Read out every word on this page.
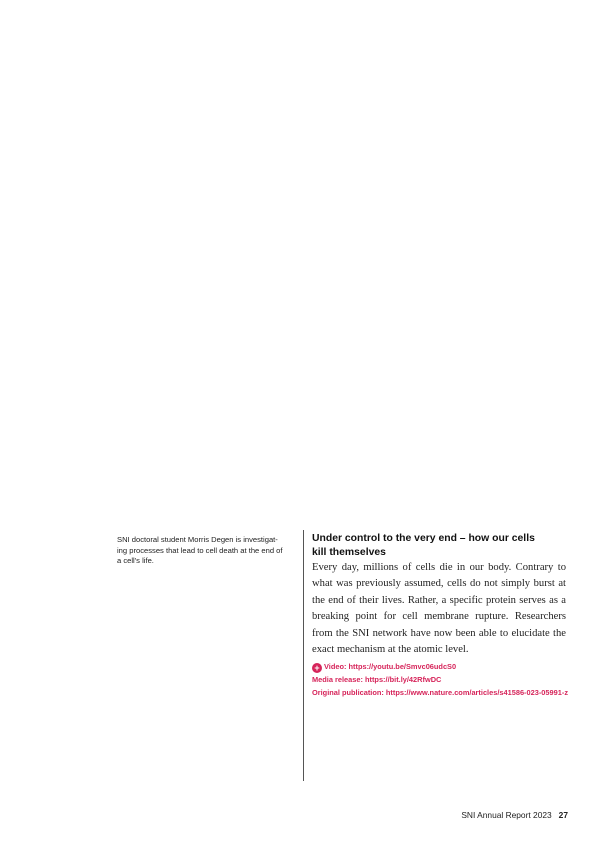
SNI doctoral student Morris Degen is investigat-
ing processes that lead to cell death at the end of
a cell's life.
Under control to the very end – how our cells
kill themselves

Every day, millions of cells die in our body. Contrary to what was previously assumed, cells do not simply burst at the end of their lives. Rather, a specific protein serves as a breaking point for cell membrane rupture. Researchers from the SNI network have now been able to elucidate the exact mechanism at the atomic level.

+ Video: https://youtu.be/Smvc06udcS0
Media release: https://bit.ly/42RfwDC
Original publication: https://www.nature.com/articles/s41586-023-05991-z
SNI Annual Report 2023 27
